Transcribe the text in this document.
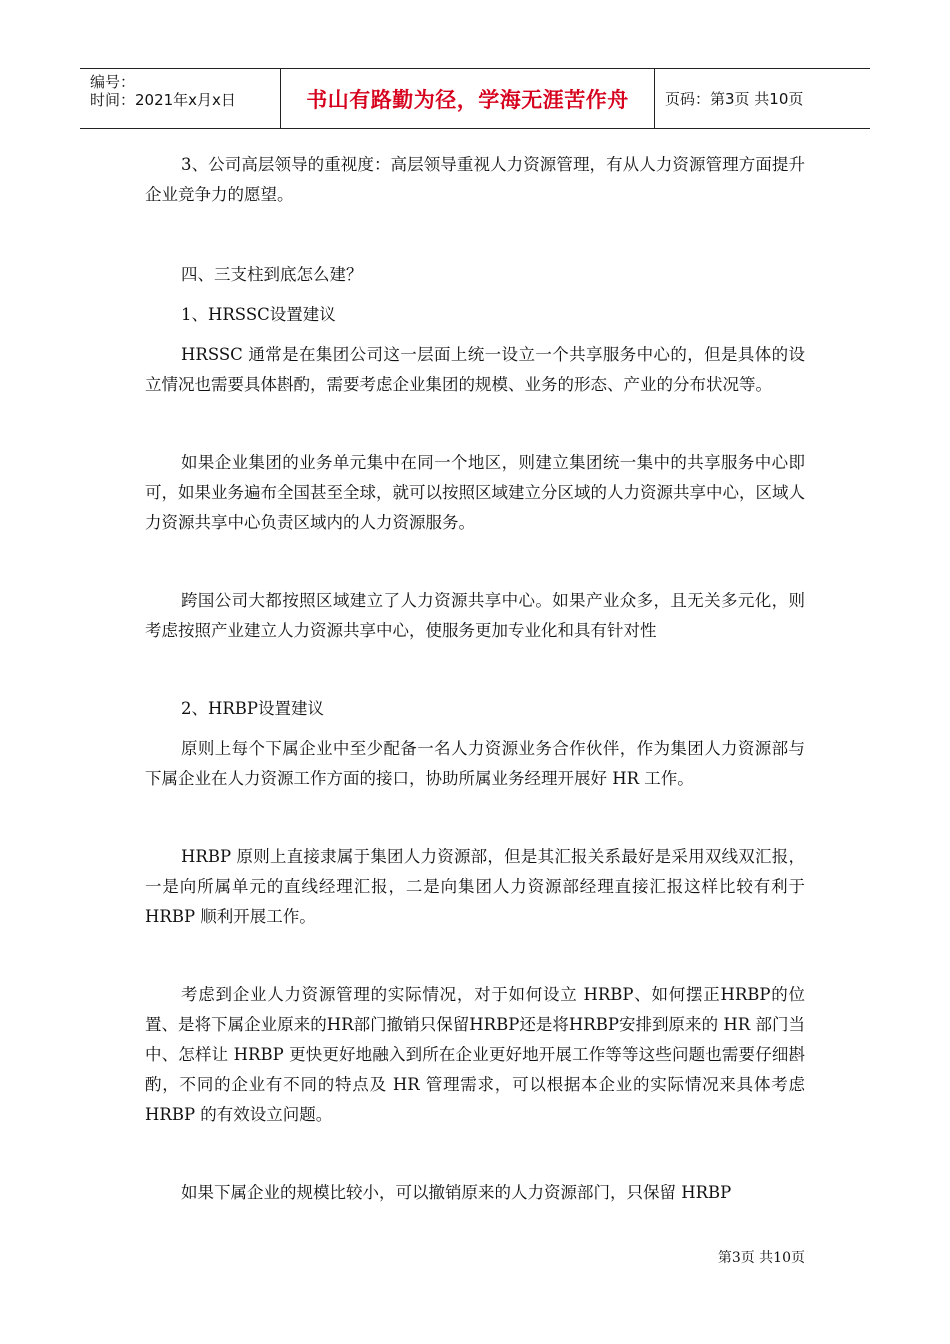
编号：
时间：2021年x月x日	书山有路勤为径，学海无涯苦作舟 页码：第3页 共10页

3、公司高层领导的重视度：高层领导重视人力资源管理，有从人力资源管理方面提升企业竞争力的愿望。

四、三支柱到底怎么建？

1、HRSSC设置建议

HRSSC 通常是在集团公司这一层面上统一设立一个共享服务中心的，但是具体的设立情况也需要具体斟酌，需要考虑企业集团的规模、业务的形态、产业的分布状况等。

如果企业集团的业务单元集中在同一个地区，则建立集团统一集中的共享服务中心即可，如果业务遍布全国甚至全球，就可以按照区域建立分区域的人力资源共享中心，区域人力资源共享中心负责区域内的人力资源服务。

跨国公司大都按照区域建立了人力资源共享中心。如果产业众多，且无关多元化，则考虑按照产业建立人力资源共享中心，使服务更加专业化和具有针对性

2、HRBP设置建议

原则上每个下属企业中至少配备一名人力资源业务合作伙伴，作为集团人力资源部与下属企业在人力资源工作方面的接口，协助所属业务经理开展好 HR 工作。

HRBP 原则上直接隶属于集团人力资源部，但是其汇报关系最好是采用双线双汇报，一是向所属单元的直线经理汇报，二是向集团人力资源部经理直接汇报这样比较有利于HRBP 顺利开展工作。

考虑到企业人力资源管理的实际情况，对于如何设立 HRBP、如何摆正HRBP的位置、是将下属企业原来的HR部门撤销只保留HRBP还是将HRBP安排到原来的 HR 部门当中、怎样让 HRBP 更快更好地融入到所在企业更好地开展工作等等这些问题也需要仔细斟酌，不同的企业有不同的特点及 HR 管理需求，可以根据本企业的实际情况来具体考虑 HRBP 的有效设立问题。

如果下属企业的规模比较小，可以撤销原来的人力资源部门，只保留 HRBP

第3页 共10页
